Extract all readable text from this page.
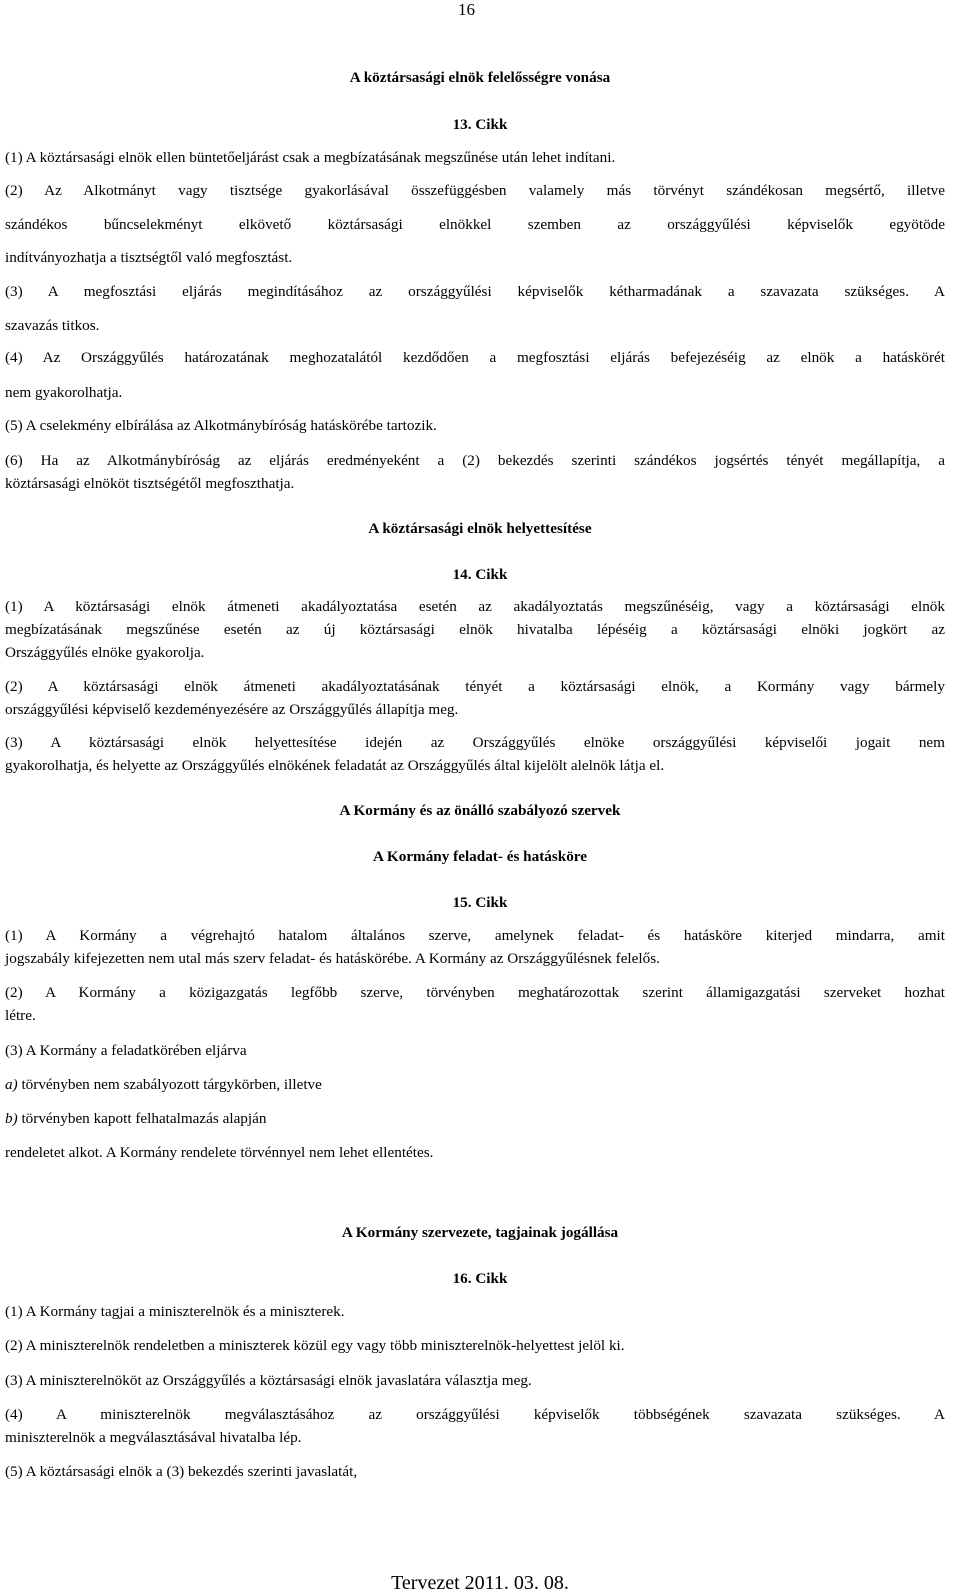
16
A köztársasági elnök felelősségre vonása
13. Cikk
(1) A köztársasági elnök ellen büntetőeljárást csak a megbízatásának megszűnése után lehet indítani.
(2) Az Alkotmányt vagy tisztsége gyakorlásával összefüggésben valamely más törvényt szándékosan megsértő, illetve
szándékos bűncselekményt elkövető köztársasági elnökkel szemben az országgyűlési képviselők egyötöde
indítványozhatja a tisztségtől való megfosztást.
(3) A megfosztási eljárás megindításához az országgyűlési képviselők kétharmadának a szavazata szükséges. A
szavazás titkos.
(4) Az Országgyűlés határozatának meghozatalától kezdődően a megfosztási eljárás befejezéséig az elnök a hatáskörét
nem gyakorolhatja.
(5) A cselekmény elbírálása az Alkotmánybíróság hatáskörébe tartozik.
(6) Ha az Alkotmánybíróság az eljárás eredményeként a (2) bekezdés szerinti szándékos jogsértés tényét megállapítja, a
köztársasági elnököt tisztségétől megfoszthatja.
A köztársasági elnök helyettesítése
14. Cikk
(1) A köztársasági elnök átmeneti akadályoztatása esetén az akadályoztatás megszűnéséig, vagy a köztársasági elnök
megbízatásának megszűnése esetén az új köztársasági elnök hivatalba lépéséig a köztársasági elnöki jogkört az
Országgyűlés elnöke gyakorolja.
(2) A köztársasági elnök átmeneti akadályoztatásának tényét a köztársasági elnök, a Kormány vagy bármely
országgyűlési képviselő kezdeményezésére az Országgyűlés állapítja meg.
(3) A köztársasági elnök helyettesítése idején az Országgyűlés elnöke országgyűlési képviselői jogait nem
gyakorolhatja, és helyette az Országgyűlés elnökének feladatát az Országgyűlés által kijelölt alelnök látja el.
A Kormány és az önálló szabályozó szervek
A Kormány feladat- és hatásköre
15. Cikk
(1) A Kormány a végrehajtó hatalom általános szerve, amelynek feladat- és hatásköre kiterjed mindarra, amit
jogszabály kifejezetten nem utal más szerv feladat- és hatáskörébe. A Kormány az Országgyűlésnek felelős.
(2) A Kormány a közigazgatás legfőbb szerve, törvényben meghatározottak szerint államigazgatási szerveket hozhat
létre.
(3) A Kormány a feladatkörében eljárva
a) törvényben nem szabályozott tárgykörben, illetve
b) törvényben kapott felhatalmazás alapján
rendeletet alkot. A Kormány rendelete törvénnyel nem lehet ellentétes.
A Kormány szervezete, tagjainak jogállása
16. Cikk
(1) A Kormány tagjai a miniszterelnök és a miniszterek.
(2) A miniszterelnök rendeletben a miniszterek közül egy vagy több miniszterelnök-helyettest jelöl ki.
(3) A miniszterelnököt az Országgyűlés a köztársasági elnök javaslatára választja meg.
(4) A miniszterelnök megválasztásához az országgyűlési képviselők többségének szavazata szükséges. A
miniszterelnök a megválasztásával hivatalba lép.
(5) A köztársasági elnök a (3) bekezdés szerinti javaslatát,
Tervezet 2011. 03. 08.
